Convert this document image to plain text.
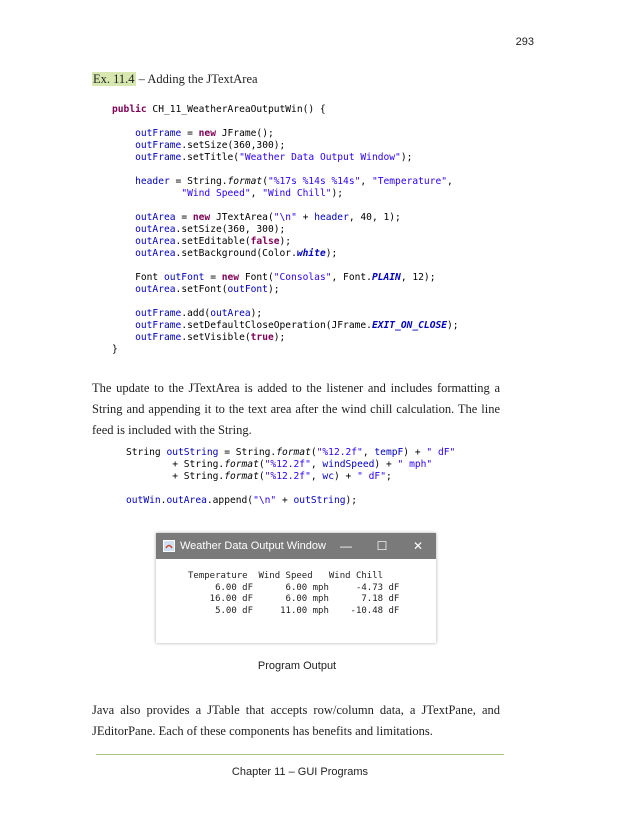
293
Ex. 11.4 – Adding the JTextArea
public CH_11_WeatherAreaOutputWin() {

outFrame = new JFrame();
outFrame.setSize(360,300);
outFrame.setTitle("Weather Data Output Window");

header = String.format("%17s %14s %14s", "Temperature",
"Wind Speed", "Wind Chill");

outArea = new JTextArea("\n" + header, 40, 1);
outArea.setSize(360, 300);
outArea.setEditable(false);
outArea.setBackground(Color.white);

Font outFont = new Font("Consolas", Font.PLAIN, 12);
outArea.setFont(outFont);

outFrame.add(outArea);
outFrame.setDefaultCloseOperation(JFrame.EXIT_ON_CLOSE);
outFrame.setVisible(true);
}

The update to the JTextArea is added to the listener and includes formatting a String and appending it to the text area after the wind chill calculation. The line feed is included with the String.

String outString = String.format("%12.2f", tempF) + " dF"
+ String.format("%12.2f", windSpeed) + " mph"
+ String.format("%12.2f", wc) + " dF";

outWin.outArea.append("\n" + outString);
Weather Data Output Window	—	☐	✕
Temperature  Wind Speed   Wind Chill
6.00 dF      6.00 mph     -4.73 dF
16.00 dF      6.00 mph      7.18 dF
5.00 dF     11.00 mph    -10.48 dF
Program Output

Java also provides a JTable that accepts row/column data, a JTextPane, and JEditorPane. Each of these components has benefits and limitations.

Chapter 11 – GUI Programs
